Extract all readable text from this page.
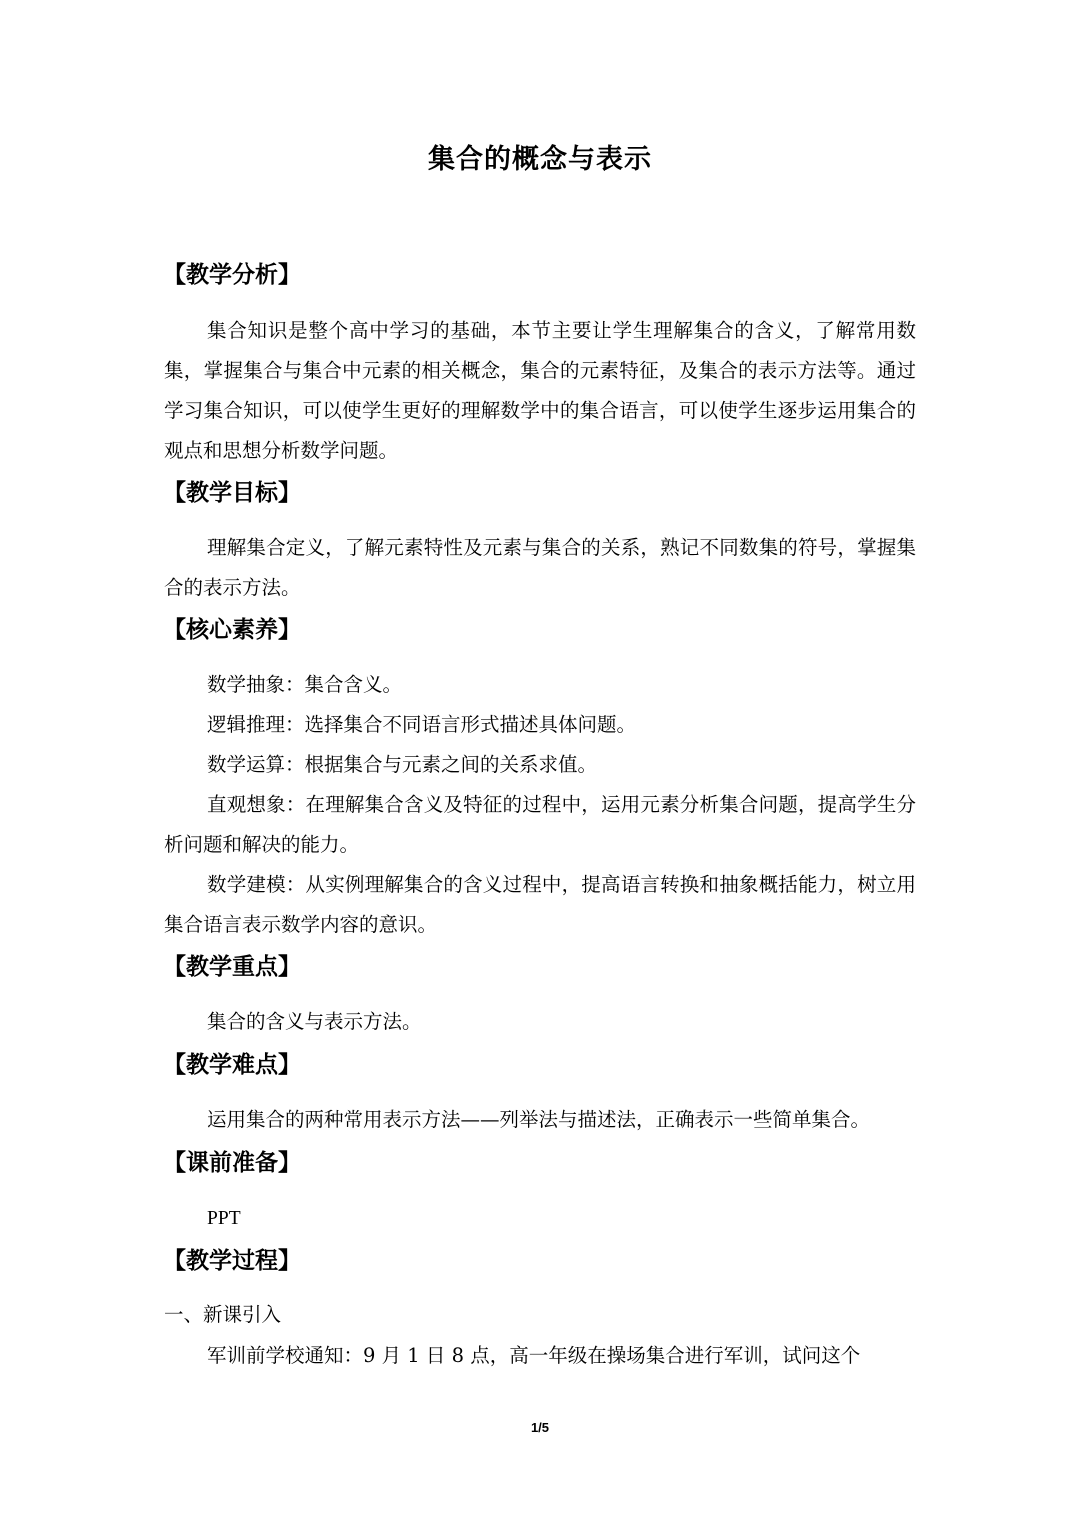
集合的概念与表示
【教学分析】
集合知识是整个高中学习的基础，本节主要让学生理解集合的含义，了解常用数集，掌握集合与集合中元素的相关概念，集合的元素特征，及集合的表示方法等。通过学习集合知识，可以使学生更好的理解数学中的集合语言，可以使学生逐步运用集合的观点和思想分析数学问题。
【教学目标】
理解集合定义，了解元素特性及元素与集合的关系，熟记不同数集的符号，掌握集合的表示方法。
【核心素养】
数学抽象：集合含义。
逻辑推理：选择集合不同语言形式描述具体问题。
数学运算：根据集合与元素之间的关系求值。
直观想象：在理解集合含义及特征的过程中，运用元素分析集合问题，提高学生分析问题和解决的能力。
数学建模：从实例理解集合的含义过程中，提高语言转换和抽象概括能力，树立用集合语言表示数学内容的意识。
【教学重点】
集合的含义与表示方法。
【教学难点】
运用集合的两种常用表示方法——列举法与描述法，正确表示一些简单集合。
【课前准备】
PPT
【教学过程】
一、新课引入
军训前学校通知：9 月 1 日 8 点，高一年级在操场集合进行军训，试问这个
1/5
